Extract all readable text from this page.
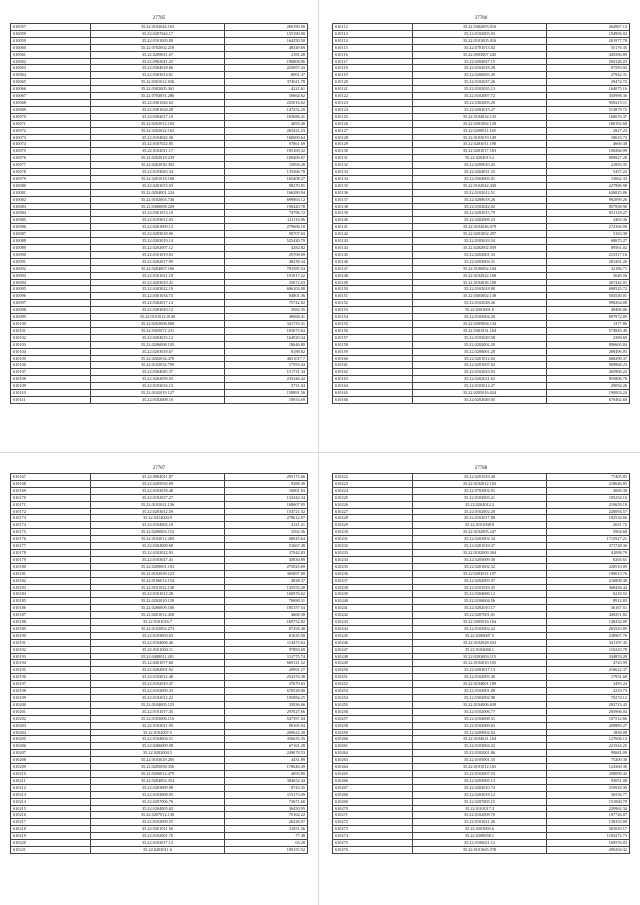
27785
610057	35.22.0102044.163	266190.00
610059	35.22.0207044.17	155190.00
610059	35.22.0101003.80	164250.50
610060	35.22.0702002.218	48349.69
610061	35.22.0208011.07	2181.28
610062	35.22.0902041.25	196806.06
610063	35.22.0304018.66	225697.43
610064	35.22.0303014.01	8061.47
610065	35.22.0301012.036	374611.78
610066	35.22.0302005.361	4221.61
610067	35.22.0703051.286	10664.62
610068	35.22.0301044.02	225016.62
610069	35.22.0301024.28	147252.29
610070	35.22.0304017.10	165686.41
610071	35.22.0202012.104	4693.40
610072	35.22.0202022.162	265421.23
610073	35.22.0104042.30	160000.64
610074	35.22.0107022.85	97861.69
610075	35.22.0102011.17	185169.32
610076	35.22.0202018.239	100406.67
610077	35.22.0202030.302	15094.28
610078	35.22.0103043.34	135366.78
610079	35.22.0201018.160	165408.27
610080	35.22.0201015.03	98270.81
610081	35.22.0204001.224	166289.94
610082	35.22.0102003.740	699865.12
610083	35.22.0306008.229	196420.78
610084	35.22.0301013.10	74796.72
610085	35.22.0103012.03	121116.06
610086	35.22.0201009.13	279606.18
610087	35.22.0203018.06	90707.63
610088	35.22.0203019.14	525420.79
610089	35.22.0202007.12	4282.82
610090	35.22.0101019.03	29708.69
610091	35.22.0202017.99	48239.34
610092	35.22.0204007.166	701585.54
610093	35.22.0101021.18	191017.22
610094	35.22.0203010.41	35672.63
610095	35.22.0203022.19	696103.08
610096	35.22.0301034.73	84801.36
610097	35.22.0302017.14	75742.82
610098	35.22.0203043.12	3582.35
610099	35.22.0101012.0149	49068.41
610100	35.22.0202006.068	341735.31
610101	35.22.0305072.231	103075.63
610102	35.22.0204015.12	164920.34
610103	35.22.0206008.105	18646.80
610104	35.22.0203018.67	8188.82
610105	35.22.0202034.470	4651017.7
610106	35.22.0102032.790	17593.44
610107	35.22.0304045.37	151731.34
610108	35.22.0202059.03	235346.42
610109	35.22.0103016.13	3731.04
610110	35.22.0102019.127	158891.56
610111	35.22.0102008.16	10933.69
27786
610112	35.22.0302005.010	264967.13
610113	35.22.0102005.03	194906.02
610114	35.22.0101005.016	201977.78
610115	35.22.0701013.02	55176.35
610116	35.22.0503007.245	445566.89
610117	35.22.0204027.15	204126.23
610118	35.22.0102018.28	97583.92
610119	35.22.0206005.49	27942.31
610120	35.22.0102037.26	29474.72
610121	35.22.0103035.13	164075.16
610122	35.22.0102007.72	435998.36
610123	35.22.0302005.20	958215.11
610124	35.22.0202015.27	513879.72
610125	35.22.0104034.135	160676.37
610126	35.22.0301002.128	160192.68
610127	35.22.0208011.165	2827.23
610128	35.22.0103019.149	18633.73
610129	35.22.0203011.198	4669.38
610130	35.22.0201017.183	100266.99
610131	35.22.0204013.2	809827.28
610132	35.22.0209010.25	21893.35
610133	35.22.0204031.53	5437.22
610134	35.22.0304005.01	13662.33
610135	35.22.0102042.430	227986.98
610136	35.22.0102012.51	626825.86
610137	35.22.0208018.26	992099.26
610138	35.22.0102042.02	857938.90
610139	35.22.0203015.79	851118.27
610140	35.22.0202008.23	2463.36
610141	35.22.0102046.079	274166.99
610142	35.22.0201002.297	3163.38
610143	35.22.0103019.34	68675.27
610144	35.22.0202002.059	89561.02
610145	35.22.0202001.33	215317.16
610146	35.22.0203004.31	281261.26
610147	35.22.0106002.104	32186.71
610148	35.22.0102022.168	3649.56
610149	35.22.0104036.108	267442.01
610150	35.22.0102018.08	690525.72
610151	35.22.0303002.138	503530.01
610152	35.22.0102028.26	998264.08
610153	35.22.0303001.0	49406.06
610154	35.22.0102004.20	897972.89
610155	35.22.0305004.134	1377.86
610156	35.22.0301031.164	574845.40
610157	35.22.0103029.58	2389.69
610158	35.22.0202002.29	896665.84
610159	35.22.0206001.28	289496.05
610160	35.22.0201012.02	668290.37
610161	35.22.0201007.02	809868.23
610162	35.22.0102023.03	265906.22
610163	35.22.0202021.63	855806.70
610164	35.22.0103014.27	29054.26
610165	35.22.0205016.024	190003.24
610166	35.22.0202049.05	670462.60
27787
610167	35.22.0904011.87	295175.66
610168	35.22.0205035.69	9288.49
610169	35.22.0103018.48	16001.63
610170	35.22.0102027.27	133444.34
610171	35.22.0101021.136	168607.95
610172	35.22.0203012.59	154721.32
610173	35.22.0414004.9	278612.97
610174	35.22.0104002.18	4121.21
610175	35.22.0206003.152	3562.36
610176	35.22.0102012.265	68045.64
610177	35.22.0204009.68	51667.49
610178	35.22.0102022.93	37042.83
610179	35.22.0103027.41	45830.89
610180	35.22.0209001.193	275025.69
610181	35.22.0102039.123	365697.68
610182	35.22.0106014.154	4838.37
610183	35.22.0101022.140	135555.28
610184	35.22.0101012.28	160976.62
610185	35.22.0202010.129	70690.31
610186	35.22.0206009.106	185157.54
610187	35.22.0201012.458	4668.30
610188	35.22.0101016.7	169752.82
610189	35.22.0102002.273	87292.48
610190	35.22.0103003.63	61635.58
610191	35.22.0104006.46	114475.63
610192	35.22.0101004.11	97883.69
610193	35.22.0408011.201	112775.74
610194	35.22.0201077.60	669121.52
610195	35.22.0202001.92	29991.27
610196	35.22.0102012.48	252376.38
610197	35.22.0102019.47	37679.63
610198	35.22.0102009.33	670528.00
610199	35.22.0102012.22	195084.25
610200	35.22.0104005.125	35036.66
610201	35.22.0101017.45	297627.66
610202	35.22.0103006.116	547397.04
610203	35.22.0102011.95	90165.94
610204	35.22.0102007.5	209622.28
610205	35.22.0104004.51	356635.35
610206	35.22.0206009.08	67161.28
610207	35.22.0202004.5	249678.53
610208	35.22.0103029.205	4431.89
610209	35.22.0205058.356	178646.49
610210	35.22.0206012.479	4693.89
610211	35.22.0204002.354	384652.44
610212	35.22.0203009.98	8743.35
610213	35.22.0103008.05	115173.09
610214	35.22.0207006.76	73671.60
610215	35.22.0204005.02	36450.95
610216	35.22.0207012.130	70162.22
610217	35.22.0102009.55	26228.07
610218	35.22.0301011.56	31051.36
610219	35.22.0102001.70	77.48
610220	35.22.0103017.13	63.28
610221	35.22.0203011.6	109155.52
27788
610222	35.22.0201019.40	77405.85
610223	35.22.0102012.103	218646.85
610224	35.22.0702002.01	4669.30
610225	35.22.0102003.21	185254.16
610226	35.22.0204012.2	219659.18
610227	35.22.0102002.20	228094.57
610228	35.22.0102017.88	182534.66
610229	35.22.0101008.8	2631.72
610230	35.22.0102005.247	5964.68
610231	35.22.0202002.34	1715927.21
610232	35.22.0201019.37	371728.36
610233	35.22.0102009.304	41098.70
610234	35.22.0203009.30	8265.61
610235	35.22.0201002.32	228510.09
610236	35.22.0203011.197	199613.76
610237	35.22.0202005.97	216808.38
610238	35.22.0101016.35	368436.44
610239	35.22.0304006.12	6218.52
610240	35.22.0106004.56	8912.83
610241	35.22.0202010.17	36167.51
610242	35.22.0207001.01	449251.82
610243	35.22.0305016.164	148432.09
610244	35.22.0102002.22	263543.89
610245	35.22.0206007.5	238907.76
610246	35.22.0102028.043	341197.45
610247	35.22.0104068.1	116325.78
610248	35.22.0203003.115	334853.28
610249	35.22.0102010.105	4743.99
610250	35.22.0203017.13	216622.37
610251	35.22.0102005.40	17931.68
610252	35.22.0104001.189	3493.24
610253	35.22.0102001.08	2219.73
610254	35.22.0302002.98	70274.12
610255	35.22.0104006.639	293723.43
610256	35.22.0102006.77	205966.04
610257	35.22.0104008.31	107512.66
610258	35.22.0102008.63	209885.27
610259	35.22.0209002.02	1858.08
610260	35.22.0104021.164	127606.13
610261	35.22.0103004.22	221544.25
610262	35.22.0102001.86	90681.09
610263	35.22.0105001.33	75200.30
610264	35.22.0101012.165	124360.30
610265	35.22.0102007.53	298099.42
610266	35.22.0203005.13	93051.08
610267	35.22.0202010.72	310918.39
610268	35.22.0203018.12	56556.77
610269	35.22.0207005.15	151060.70
610270	35.22.0102017.3	229962.34
610271	35.22.0102008.70	197726.07
610272	35.22.0101021.26	138353.00
610273	35.22.0203003.6	381659.17
610274	35.22.0208058.1	1183272.73
610275	35.22.0106021.12	169576.03
610276	35.22.0101065.578	290294.32
